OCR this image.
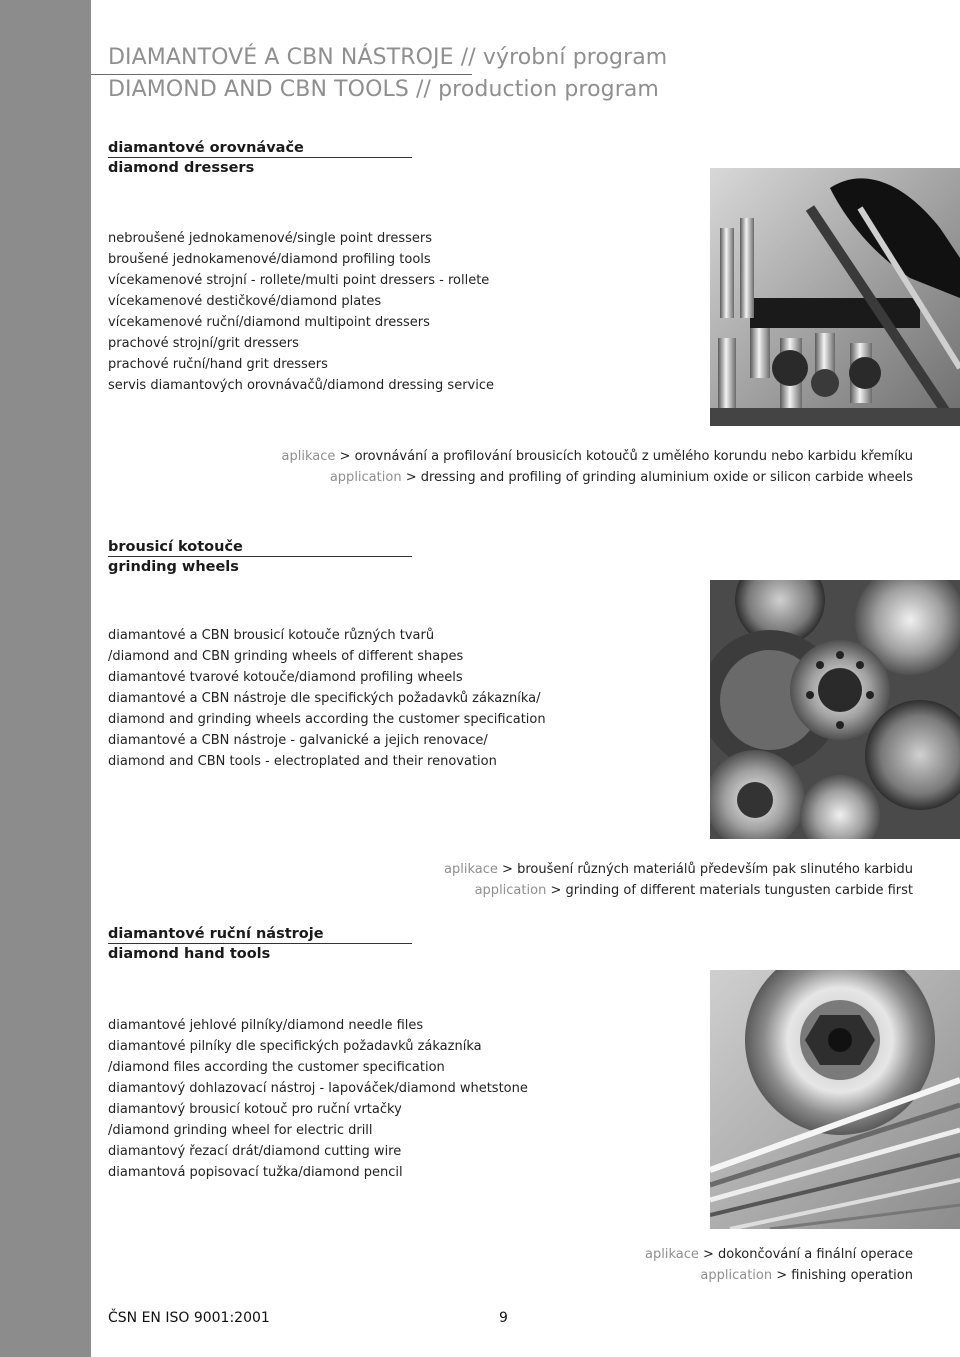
DIAMANTOVÉ A CBN NÁSTROJE // výrobní program
DIAMOND AND CBN TOOLS // production program
diamantové orovnávače
diamond dressers
nebroušené jednokamenové/single point dressers
broušené jednokamenové/diamond profiling tools
vícekamenové strojní - rollete/multi point dressers - rollete
vícekamenové destičkové/diamond plates
vícekamenové ruční/diamond multipoint dressers
prachové strojní/grit dressers
prachové ruční/hand grit dressers
servis diamantových orovnávačů/diamond dressing service
aplikace > orovnávání a profilování brousicích kotoučů z umělého korundu nebo karbidu křemíku
application > dressing and profiling of grinding aluminium oxide or silicon carbide wheels
brousicí kotouče
grinding wheels
diamantové a CBN brousicí kotouče různých tvarů
/diamond and CBN grinding wheels of different shapes
diamantové tvarové kotouče/diamond profiling wheels
diamantové a CBN nástroje dle specifických požadavků zákazníka/
diamond and grinding wheels according the customer specification
diamantové a CBN nástroje - galvanické a jejich renovace/
diamond and CBN tools - electroplated and their renovation
aplikace > broušení různých materiálů především pak slinutého karbidu
application > grinding of different materials tungusten carbide first
diamantové ruční nástroje
diamond hand tools
diamantové jehlové pilníky/diamond needle files
diamantové pilníky dle specifických požadavků zákazníka
/diamond files according the customer specification
diamantový dohlazovací nástroj - lapováček/diamond whetstone
diamantový brousicí kotouč pro ruční vrtačky
/diamond grinding wheel for electric drill
diamantový řezací drát/diamond cutting wire
diamantová popisovací tužka/diamond pencil
aplikace > dokončování a finální operace
application > finishing operation
ČSN EN ISO 9001:2001	9
